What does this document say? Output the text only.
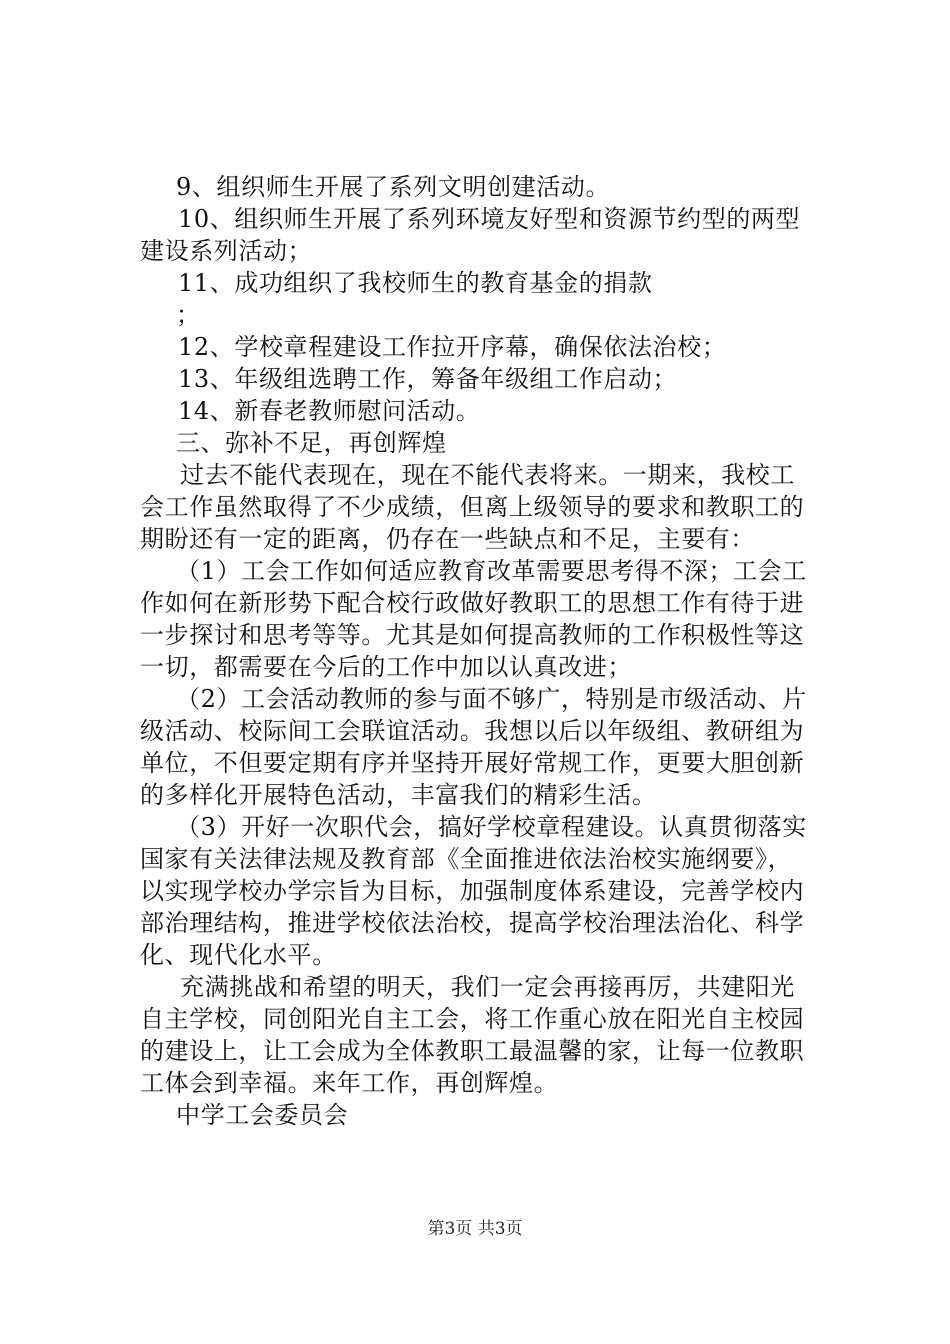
9、组织师生开展了系列文明创建活动。

10、组织师生开展了系列环境友好型和资源节约型的两型

建设系列活动；

11、成功组织了我校师生的教育基金的捐款

；

12、学校章程建设工作拉开序幕，确保依法治校；

13、年级组选聘工作，筹备年级组工作启动；

14、新春老教师慰问活动。

三、弥补不足，再创辉煌

过去不能代表现在，现在不能代表将来。一期来，我校工

会工作虽然取得了不少成绩，但离上级领导的要求和教职工的

期盼还有一定的距离，仍存在一些缺点和不足，主要有：

（1）工会工作如何适应教育改革需要思考得不深；工会工

作如何在新形势下配合校行政做好教职工的思想工作有待于进

一步探讨和思考等等。尤其是如何提高教师的工作积极性等这

一切，都需要在今后的工作中加以认真改进；

（2）工会活动教师的参与面不够广，特别是市级活动、片

级活动、校际间工会联谊活动。我想以后以年级组、教研组为

单位，不但要定期有序并坚持开展好常规工作，更要大胆创新

的多样化开展特色活动，丰富我们的精彩生活。

（3）开好一次职代会，搞好学校章程建设。认真贯彻落实

国家有关法律法规及教育部《全面推进依法治校实施纲要》，

以实现学校办学宗旨为目标，加强制度体系建设，完善学校内

部治理结构，推进学校依法治校，提高学校治理法治化、科学

化、现代化水平。

充满挑战和希望的明天，我们一定会再接再厉，共建阳光

自主学校，同创阳光自主工会，将工作重心放在阳光自主校园

的建设上，让工会成为全体教职工最温馨的家，让每一位教职

工体会到幸福。来年工作，再创辉煌。

中学工会委员会

第3页 共3页
